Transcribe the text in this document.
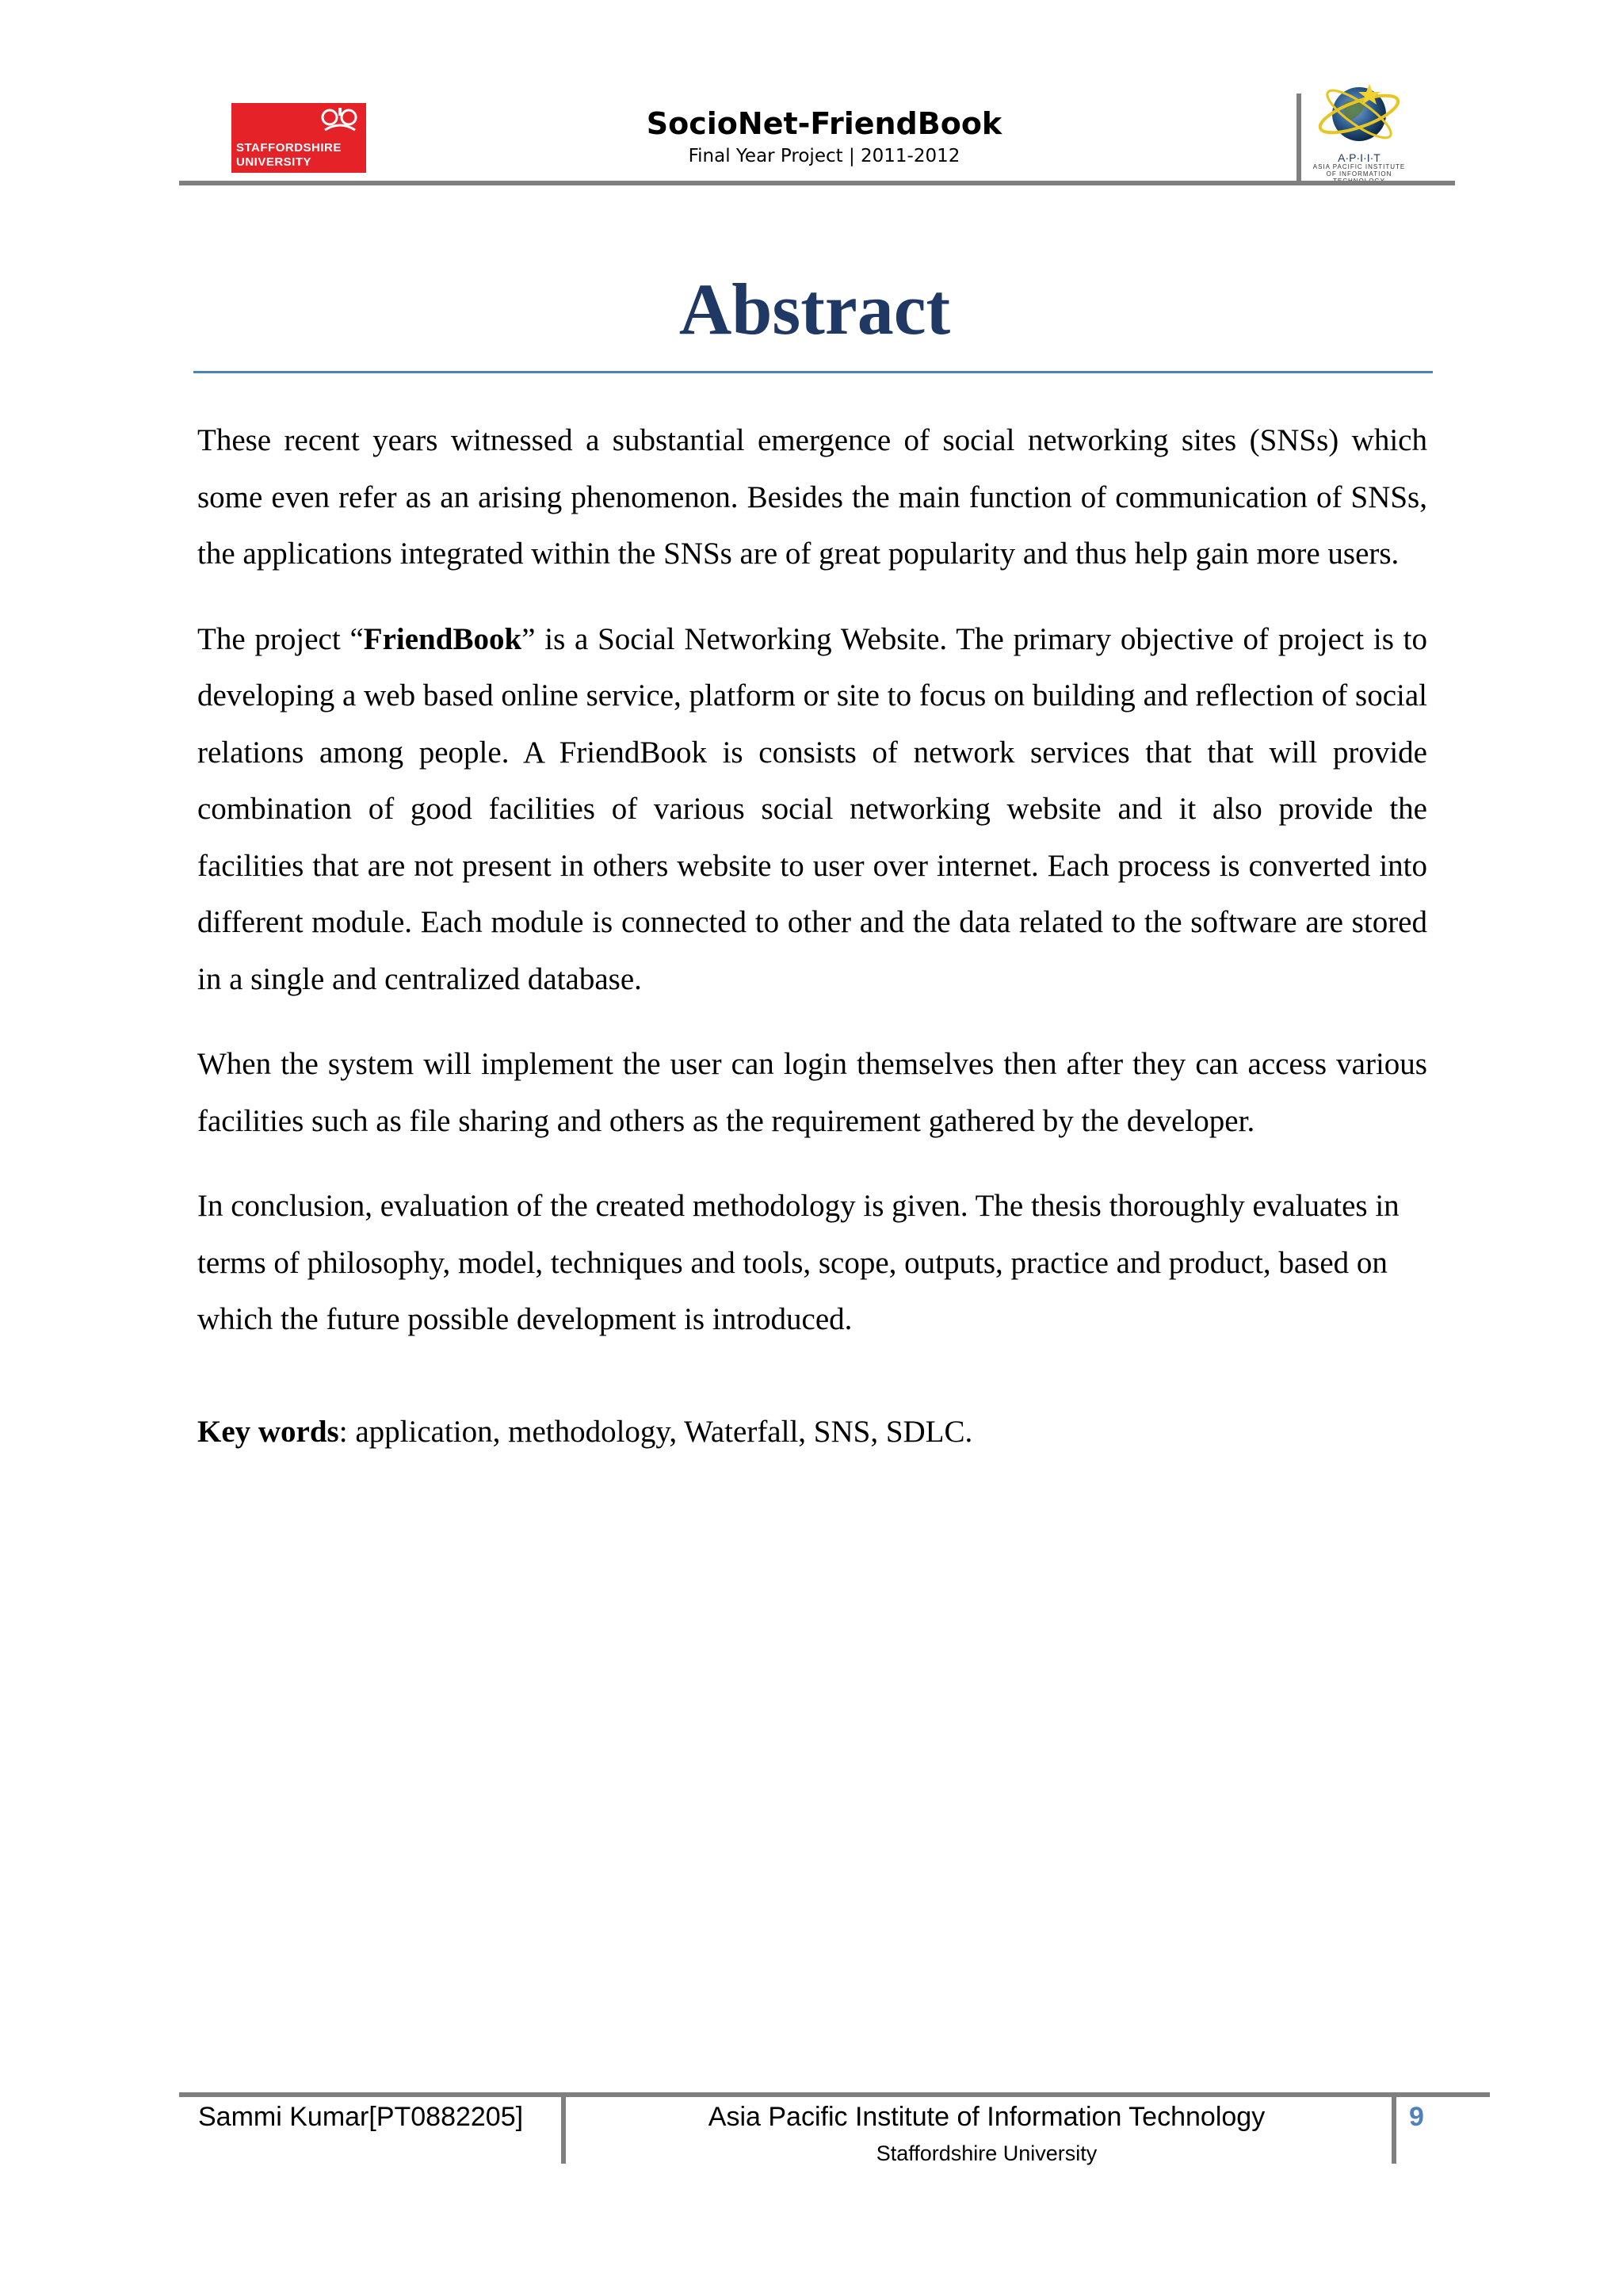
STAFFORDSHIRE
UNIVERSITY
SocioNet-FriendBook
Final Year Project | 2011-2012	A·P·I·I·T
ASIA PACIFIC INSTITUTE OF INFORMATION
Abstract

These recent years witnessed a substantial emergence of social networking sites (SNSs) which some even refer as an arising phenomenon. Besides the main function of communication of SNSs, the applications integrated within the SNSs are of great popularity and thus help gain more users.

The project “FriendBook” is a Social Networking Website. The primary objective of project is to developing a web based online service, platform or site to focus on building and reflection of social relations among people. A FriendBook is consists of network services that that will provide combination of good facilities of various social networking website and it also provide the facilities that are not present in others website to user over internet. Each process is converted into different module. Each module is connected to other and the data related to the software are stored in a single and centralized database.

When the system will implement the user can login themselves then after they can access various facilities such as file sharing and others as the requirement gathered by the developer.

In conclusion, evaluation of the created methodology is given. The thesis thoroughly evaluates in terms of philosophy, model, techniques and tools, scope, outputs, practice and product, based on which the future possible development is introduced.

Key words: application, methodology, Waterfall, SNS, SDLC.

Sammi Kumar[PT0882205]	Asia Pacific Institute of Information Technology
Staffordshire University
9
